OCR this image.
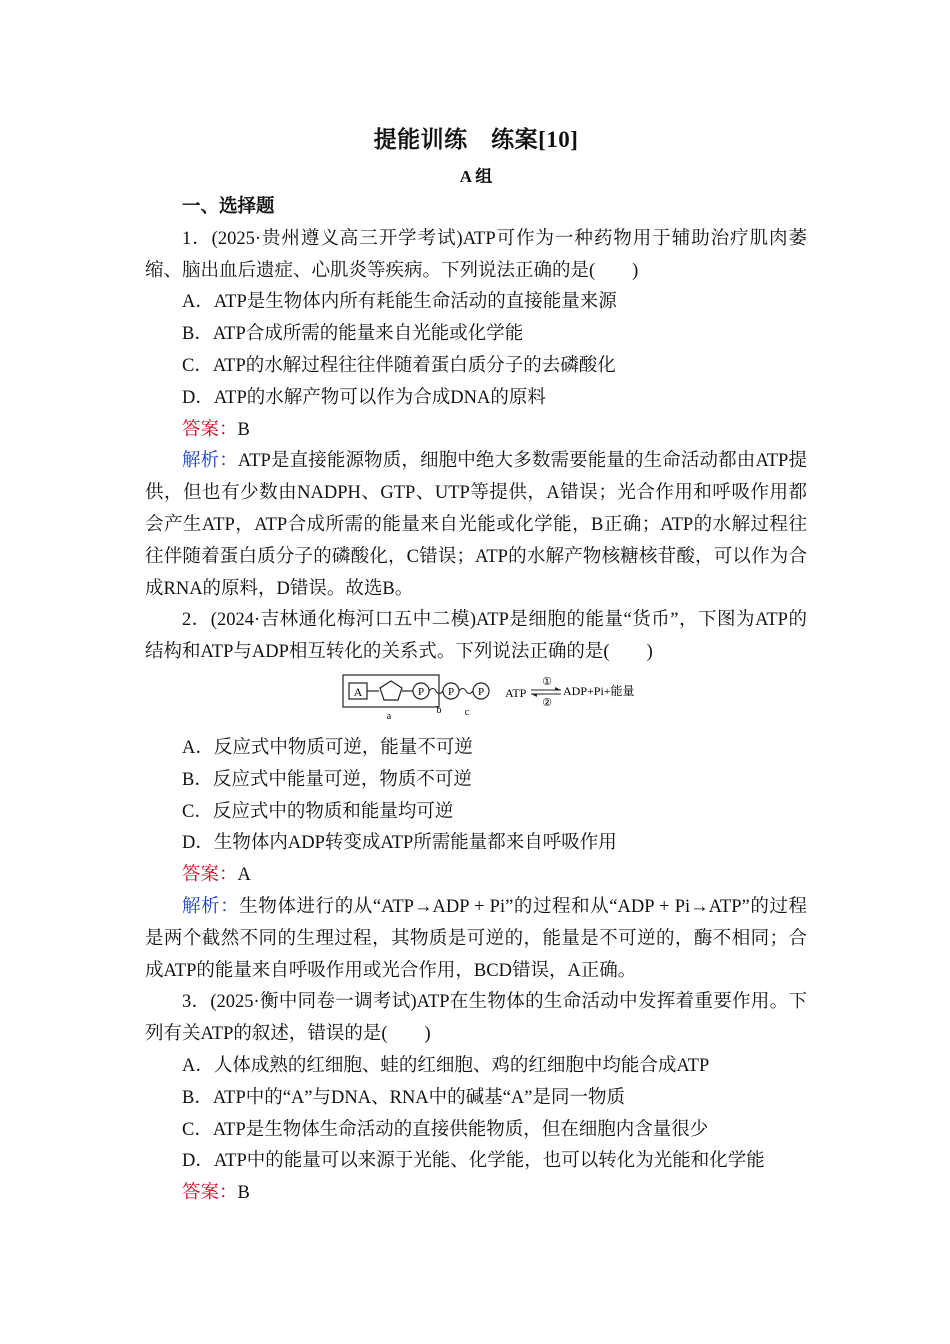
提能训练　练案[10]
A 组
一、选择题

1．(2025·贵州遵义高三开学考试)ATP可作为一种药物用于辅助治疗肌肉萎缩、脑出血后遗症、心肌炎等疾病。下列说法正确的是(　　)

A．ATP是生物体内所有耗能生命活动的直接能量来源

B．ATP合成所需的能量来自光能或化学能

C．ATP的水解过程往往伴随着蛋白质分子的去磷酸化

D．ATP的水解产物可以作为合成DNA的原料

答案：B

解析：ATP是直接能源物质，细胞中绝大多数需要能量的生命活动都由ATP提供，但也有少数由NADPH、GTP、UTP等提供，A错误；光合作用和呼吸作用都会产生ATP，ATP合成所需的能量来自光能或化学能，B正确；ATP的水解过程往往伴随着蛋白质分子的磷酸化，C错误；ATP的水解产物核糖核苷酸，可以作为合成RNA的原料，D错误。故选B。

2．(2024·吉林通化梅河口五中二模)ATP是细胞的能量“货币”，下图为ATP的结构和ATP与ADP相互转化的关系式。下列说法正确的是(　　)

A	P P P
a
b c
ATP
①
②
ADP+Pi+能量

A．反应式中物质可逆，能量不可逆

B．反应式中能量可逆，物质不可逆

C．反应式中的物质和能量均可逆

D．生物体内ADP转变成ATP所需能量都来自呼吸作用

答案：A

解析：生物体进行的从“ATP→ADP + Pi”的过程和从“ADP + Pi→ATP”的过程是两个截然不同的生理过程，其物质是可逆的，能量是不可逆的，酶不相同；合成ATP的能量来自呼吸作用或光合作用，BCD错误，A正确。

3．(2025·衡中同卷一调考试)ATP在生物体的生命活动中发挥着重要作用。下列有关ATP的叙述，错误的是(　　)

A．人体成熟的红细胞、蛙的红细胞、鸡的红细胞中均能合成ATP

B．ATP中的“A”与DNA、RNA中的碱基“A”是同一物质

C．ATP是生物体生命活动的直接供能物质，但在细胞内含量很少

D．ATP中的能量可以来源于光能、化学能，也可以转化为光能和化学能

答案：B
